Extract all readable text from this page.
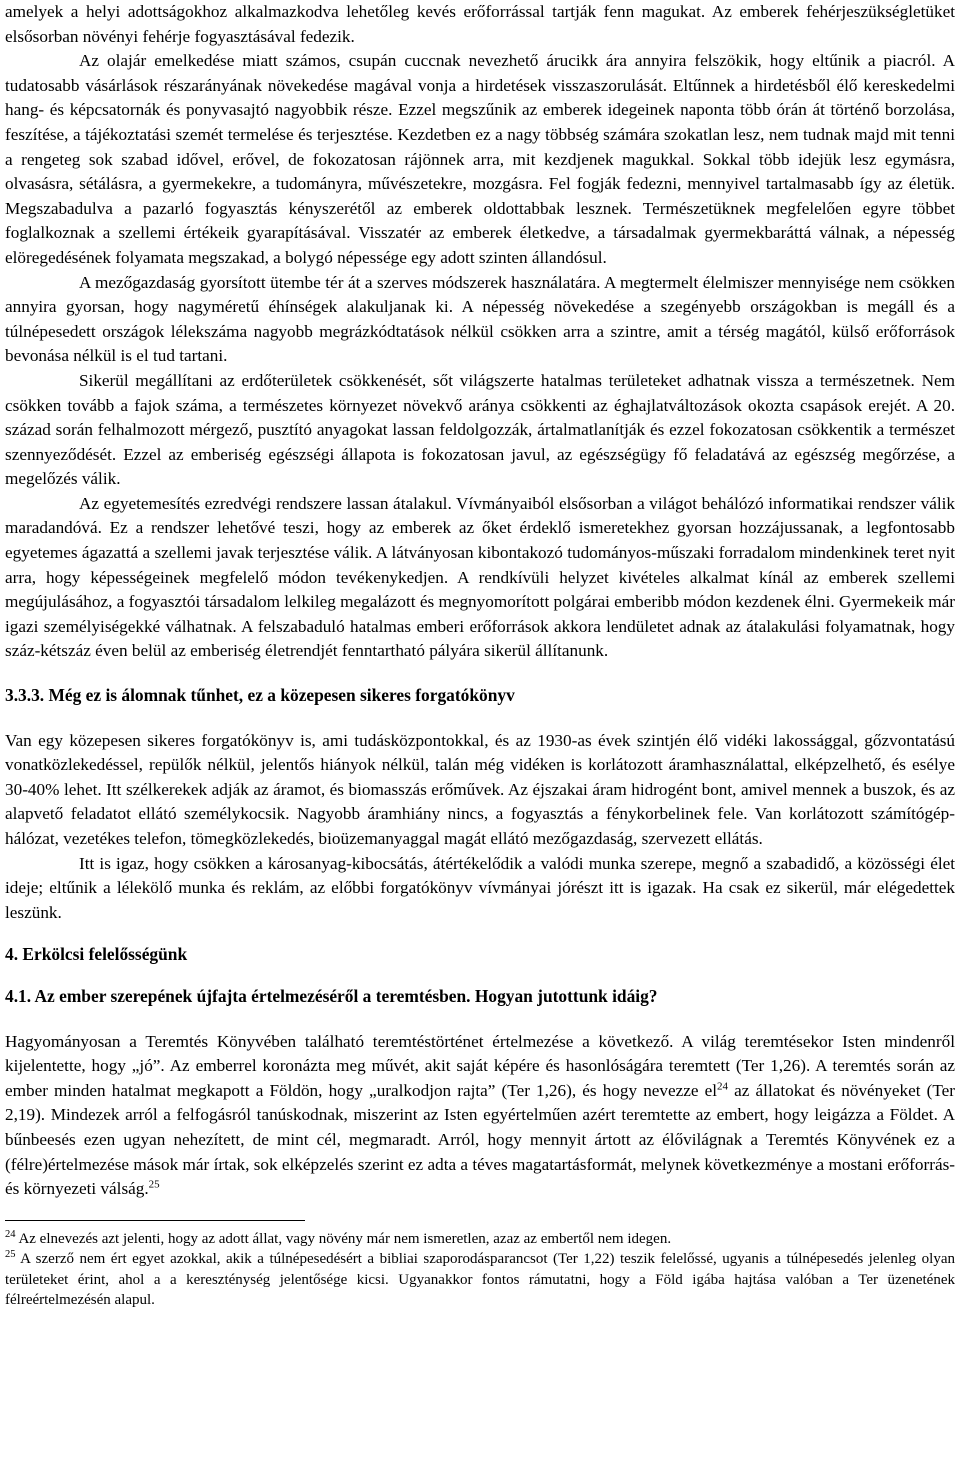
amelyek a helyi adottságokhoz alkalmazkodva lehetőleg kevés erőforrással tartják fenn magukat. Az emberek fehérjeszükségletüket elsősorban növényi fehérje fogyasztásával fedezik.

Az olajár emelkedése miatt számos, csupán cuccnak nevezhető árucikk ára annyira felszökik, hogy eltűnik a piacról. A tudatosabb vásárlások részarányának növekedése magával vonja a hirdetések visszaszorulását. Eltűnnek a hirdetésből élő kereskedelmi hang- és képcsatornák és ponyvasajtó nagyobbik része. Ezzel megszűnik az emberek idegeinek naponta több órán át történő borzolása, feszítése, a tájékoztatási szemét termelése és terjesztése. Kezdetben ez a nagy többség számára szokatlan lesz, nem tudnak majd mit tenni a rengeteg sok szabad idővel, erővel, de fokozatosan rájönnek arra, mit kezdjenek magukkal. Sokkal több idejük lesz egymásra, olvasásra, sétálásra, a gyermekekre, a tudományra, művészetekre, mozgásra. Fel fogják fedezni, mennyivel tartalmasabb így az életük. Megszabadulva a pazarló fogyasztás kényszerétől az emberek oldottabbak lesznek. Természetüknek megfelelően egyre többet foglalkoznak a szellemi értékeik gyarapításával. Visszatér az emberek életkedve, a társadalmak gyermekbaráttá válnak, a népesség elöregedésének folyamata megszakad, a bolygó népessége egy adott szinten állandósul.

A mezőgazdaság gyorsított ütembe tér át a szerves módszerek használatára. A megtermelt élelmiszer mennyisége nem csökken annyira gyorsan, hogy nagyméretű éhínségek alakuljanak ki. A népesség növekedése a szegényebb országokban is megáll és a túlnépesedett országok lélekszáma nagyobb megrázkódtatások nélkül csökken arra a szintre, amit a térség magától, külső erőforrások bevonása nélkül is el tud tartani.

Sikerül megállítani az erdőterületek csökkenését, sőt világszerte hatalmas területeket adhatnak vissza a természetnek. Nem csökken tovább a fajok száma, a természetes környezet növekvő aránya csökkenti az éghajlatváltozások okozta csapások erejét. A 20. század során felhalmozott mérgező, pusztító anyagokat lassan feldolgozzák, ártalmatlanítják és ezzel fokozatosan csökkentik a természet szennyeződését. Ezzel az emberiség egészségi állapota is fokozatosan javul, az egészségügy fő feladatává az egészség megőrzése, a megelőzés válik.

Az egyetemesítés ezredvégi rendszere lassan átalakul. Vívmányaiból elsősorban a világot behálózó informatikai rendszer válik maradandóvá. Ez a rendszer lehetővé teszi, hogy az emberek az őket érdeklő ismeretekhez gyorsan hozzájussanak, a legfontosabb egyetemes ágazattá a szellemi javak terjesztése válik. A látványosan kibontakozó tudományos-műszaki forradalom mindenkinek teret nyit arra, hogy képességeinek megfelelő módon tevékenykedjen. A rendkívüli helyzet kivételes alkalmat kínál az emberek szellemi megújulásához, a fogyasztói társadalom lelkileg megalázott és megnyomorított polgárai emberibb módon kezdenek élni. Gyermekeik már igazi személyiségekké válhatnak. A felszabaduló hatalmas emberi erőforrások akkora lendületet adnak az átalakulási folyamatnak, hogy száz-kétszáz éven belül az emberiség életrendjét fenntartható pályára sikerül állítanunk.

3.3.3. Még ez is álomnak tűnhet, ez a közepesen sikeres forgatókönyv

Van egy közepesen sikeres forgatókönyv is, ami tudásközpontokkal, és az 1930-as évek szintjén élő vidéki lakossággal, gőzvontatású vonatközlekedéssel, repülők nélkül, jelentős hiányok nélkül, talán még vidéken is korlátozott áramhasználattal, elképzelhető, és esélye 30-40% lehet. Itt szélkerekek adják az áramot, és biomasszás erőművek. Az éjszakai áram hidrogént bont, amivel mennek a buszok, és az alapvető feladatot ellátó személykocsik. Nagyobb áramhiány nincs, a fogyasztás a fénykorbelinek fele. Van korlátozott számítógép-hálózat, vezetékes telefon, tömegközlekedés, bioüzemanyaggal magát ellátó mezőgazdaság, szervezett ellátás.

Itt is igaz, hogy csökken a károsanyag-kibocsátás, átértékelődik a valódi munka szerepe, megnő a szabadidő, a közösségi élet ideje; eltűnik a lélekölő munka és reklám, az előbbi forgatókönyv vívmányai jórészt itt is igazak. Ha csak ez sikerül, már elégedettek leszünk.

4. Erkölcsi felelősségünk

4.1. Az ember szerepének újfajta értelmezéséről a teremtésben. Hogyan jutottunk idáig?

Hagyományosan a Teremtés Könyvében található teremtéstörténet értelmezése a következő. A világ teremtésekor Isten mindenről kijelentette, hogy „jó”. Az emberrel koronázta meg művét, akit saját képére és hasonlóságára teremtett (Ter 1,26). A teremtés során az ember minden hatalmat megkapott a Földön, hogy „uralkodjon rajta” (Ter 1,26), és hogy nevezze $el^{24}$ az állatokat és növényeket (Ter 2,19). Mindezek arról a felfogásról tanúskodnak, miszerint az Isten egyértelműen azért teremtette az embert, hogy leigázza a Földet. A bűnbeesés ezen ugyan nehezített, de mint cél, megmaradt. Arról, hogy mennyit ártott az élővilágnak a Teremtés Könyvének ez a (félre)értelmezése mások már írtak, sok elképzelés szerint ez adta a téves magatartásformát, melynek következménye a mostani erőforrás- és környezeti válság.$^{25}$

$^{24}$ Az elnevezés azt jelenti, hogy az adott állat, vagy növény már nem ismeretlen, azaz az embertől nem idegen.

$^{25}$ A szerző nem ért egyet azokkal, akik a túlnépesedésért a bibliai szaporodásparancsot (Ter 1,22) teszik felelőssé, ugyanis a túlnépesedés jelenleg olyan területeket érint, ahol a a kereszténység jelentősége kicsi. Ugyanakkor fontos rámutatni, hogy a Föld igába hajtása valóban a Ter üzenetének félreértelmezésén alapul.
